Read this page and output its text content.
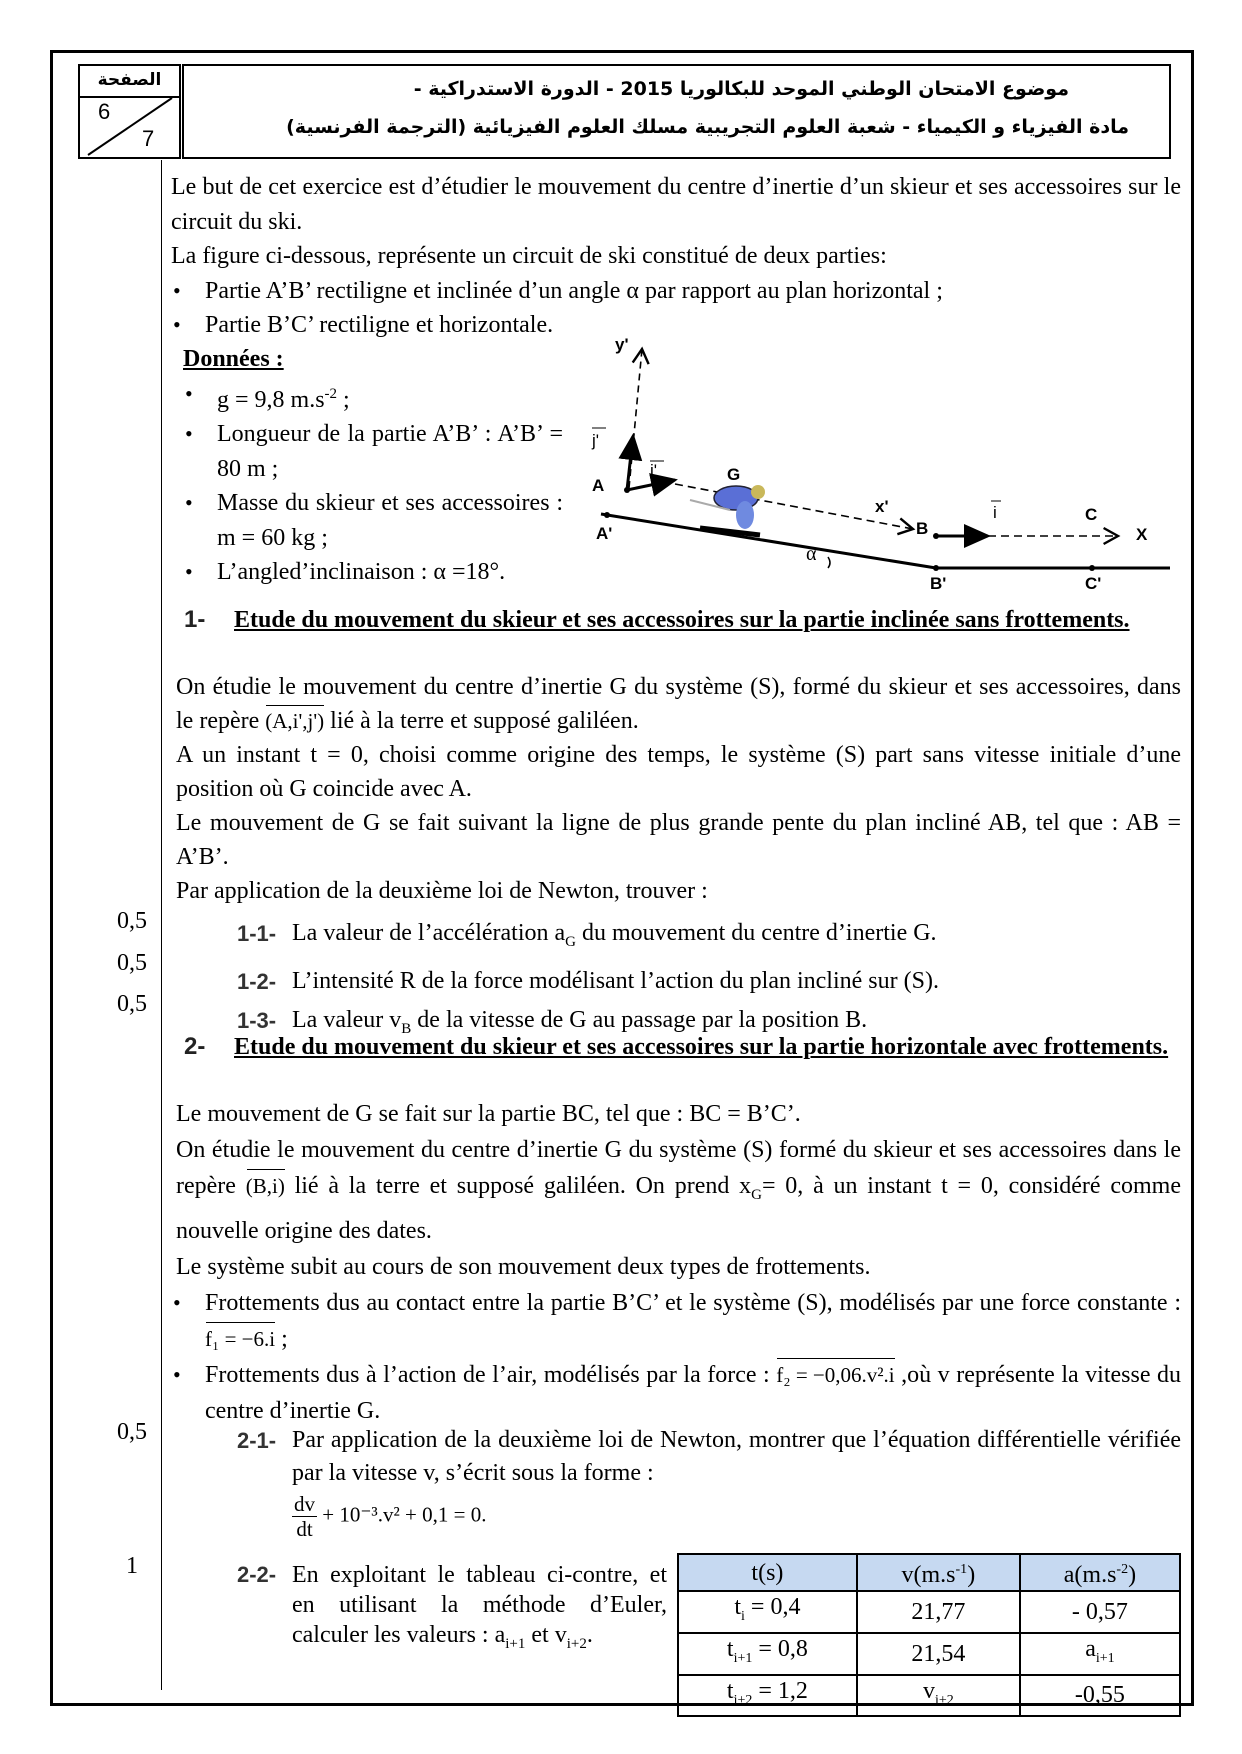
الصفحة
6
7
موضوع الامتحان الوطني الموحد للبكالوريا 2015 - الدورة الاستدراكية -
مادة الفيزياء و الكيمياء - شعبة العلوم التجريبية مسلك العلوم الفيزيائية (الترجمة الفرنسية)

Le but de cet exercice est d’étudier le mouvement du centre d’inertie d’un skieur et ses accessoires sur le circuit du ski.

La figure ci-dessous, représente un circuit de ski constitué de deux parties:

• Partie A’B’ rectiligne et inclinée d’un angle α par rapport au plan horizontal ;
• Partie B’C’ rectiligne et horizontale.

Données :

• g = 9,8 $m.s^{-2}$ ;
• Longueur de la partie A’B’ : A’B’ = 80 m ;
• Masse du skieur et ses accessoires : m = 60 kg ;
• L’angled’inclinaison : α =18°.
y'
j'
i'
A
A'
G
x'
B
B'
i	C
C'
X
α
1- Etude du mouvement du skieur et ses accessoires sur la partie inclinée sans frottements.

On étudie le mouvement du centre d’inertie G du système (S), formé du skieur et ses accessoires, dans le repère (A,i',j') lié à la terre et supposé galiléen.

A un instant t = 0, choisi comme origine des temps, le système (S) part sans vitesse initiale d’une position où G coincide avec A.

Le mouvement de G se fait suivant la ligne de plus grande pente du plan incliné AB, tel que : AB = A’B’.

Par application de la deuxième loi de Newton, trouver :

0,5
0,5
0,5
1-1- La valeur de l’accélération $a_G$ du mouvement du centre d’inertie G.
1-2- L’intensité R de la force modélisant l’action du plan incliné sur (S).
1-3- La valeur $v_B$ de la vitesse de G au passage par la position B.
2- Etude du mouvement du skieur et ses accessoires sur la partie horizontale avec frottements.

Le mouvement de G se fait sur la partie BC, tel que : BC = B’C’.

On étudie le mouvement du centre d’inertie G du système (S) formé du skieur et ses accessoires dans le repère (B,i) lié à la terre et supposé galiléen. On prend $x_G= 0$, à un instant t = 0, considéré comme nouvelle origine des dates.

Le système subit au cours de son mouvement deux types de frottements.

• Frottements dus au contact entre la partie B’C’ et le système (S), modélisés par une force constante : f₁ = −6.i ;
• Frottements dus à l’action de l’air, modélisés par la force : f₂ = −0,06.v².i ,où v représente la vitesse du centre d’inertie G.
0,5	2-1- Par application de la deuxième loi de Newton, montrer que l’équation différentielle vérifiée par la vitesse v, s’écrit sous la forme :
$\frac{dv}{dt} + 10^{-3}.v^2 + 0,1 = 0$.
1	2-2- En exploitant le tableau ci-contre, et en utilisant la méthode d’Euler, calculer les valeurs : $a_{i+1}$ et $v_{i+2}$.
t(s)	$v(m.s^{-1})$	$a(m.s^{-2})$
$t_i = 0,4$	21,77	- 0,57
$t_{i+1} = 0,8$	21,54	$a_{i+1}$
$t_{i+2} = 1,2$	$v_{i+2}$	-0,55
